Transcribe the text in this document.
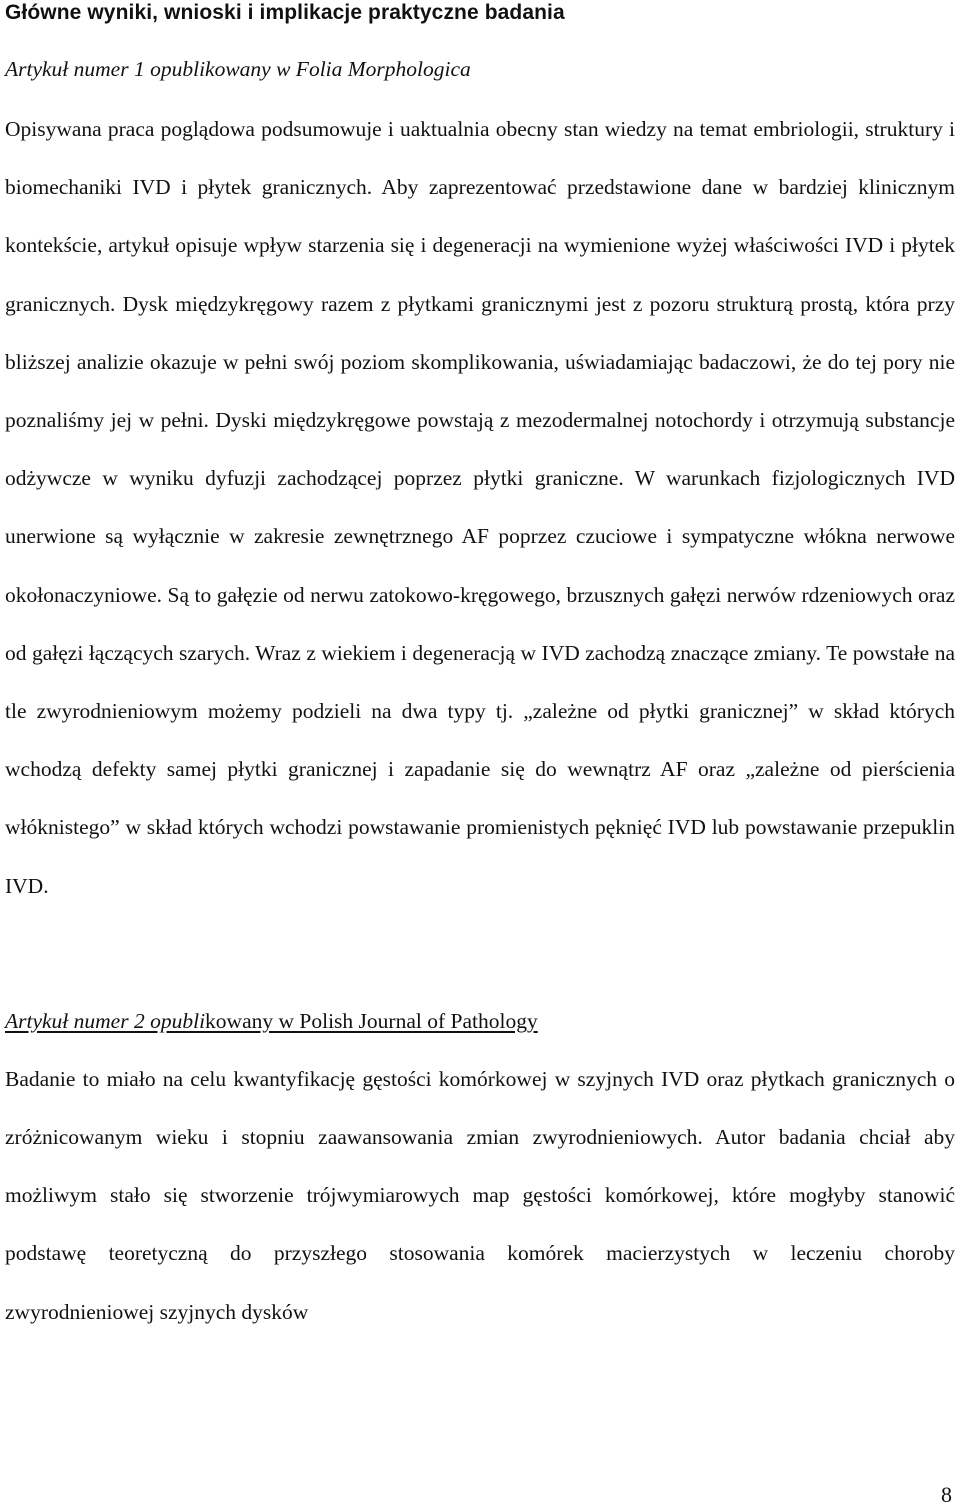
Główne wyniki, wnioski i implikacje praktyczne badania

Artykuł numer 1 opublikowany w Folia Morphologica

Opisywana praca poglądowa podsumowuje i uaktualnia obecny stan wiedzy na temat embriologii, struktury i biomechaniki IVD i płytek granicznych. Aby zaprezentować przedstawione dane w bardziej klinicznym kontekście, artykuł opisuje wpływ starzenia się i degeneracji na wymienione wyżej właściwości IVD i płytek granicznych. Dysk międzykręgowy razem z płytkami granicznymi jest z pozoru strukturą prostą, która przy bliższej analizie okazuje w pełni swój poziom skomplikowania, uświadamiając badaczowi, że do tej pory nie poznaliśmy jej w pełni. Dyski międzykręgowe powstają z mezodermalnej notochordy i otrzymują substancje odżywcze w wyniku dyfuzji zachodzącej poprzez płytki graniczne. W warunkach fizjologicznych IVD unerwione są wyłącznie w zakresie zewnętrznego AF poprzez czuciowe i sympatyczne włókna nerwowe okołonaczyniowe. Są to gałęzie od nerwu zatokowo-kręgowego, brzusznych gałęzi nerwów rdzeniowych oraz od gałęzi łączących szarych. Wraz z wiekiem i degeneracją w IVD zachodzą znaczące zmiany. Te powstałe na tle zwyrodnieniowym możemy podzieli na dwa typy tj. „zależne od płytki granicznej” w skład których wchodzą defekty samej płytki granicznej i zapadanie się do wewnątrz AF oraz „zależne od pierścienia włóknistego” w skład których wchodzi powstawanie promienistych pęknięć IVD lub powstawanie przepuklin IVD.

Artykuł numer 2 opublikowany w Polish Journal of Pathology

Badanie to miało na celu kwantyfikację gęstości komórkowej w szyjnych IVD oraz płytkach granicznych o zróżnicowanym wieku i stopniu zaawansowania zmian zwyrodnieniowych. Autor badania chciał aby możliwym stało się stworzenie trójwymiarowych map gęstości komórkowej, które mogłyby stanowić podstawę teoretyczną do przyszłego stosowania komórek macierzystych w leczeniu choroby zwyrodnieniowej szyjnych dysków

8
